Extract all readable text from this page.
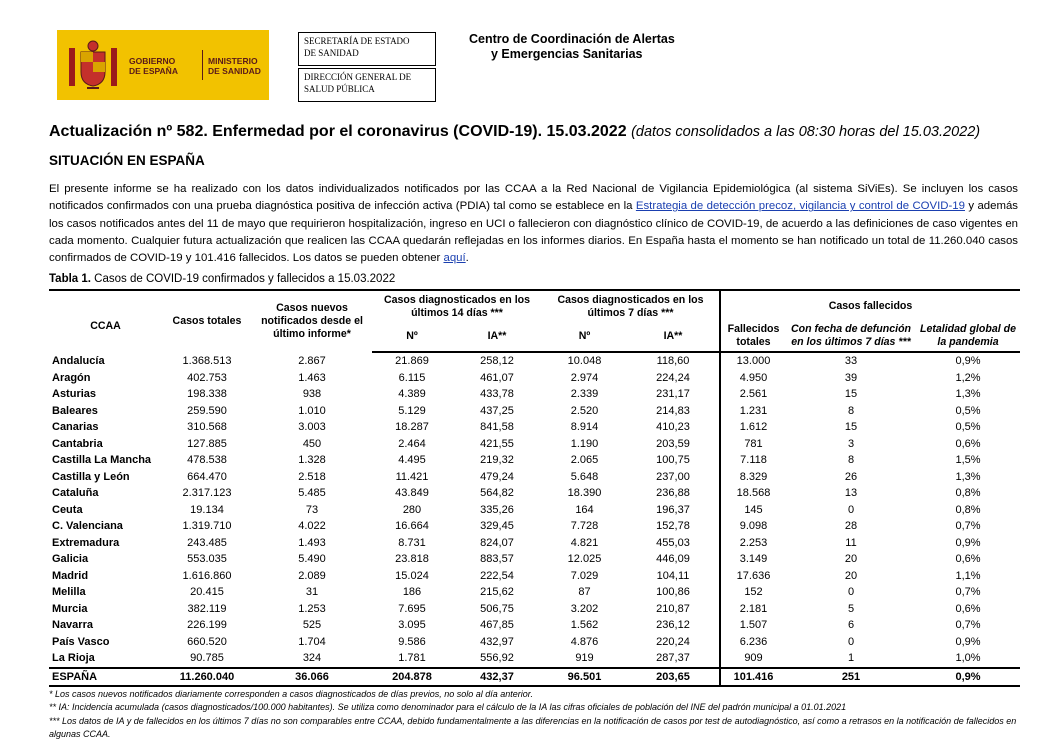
GOBIERNO
DE ESPAÑA
MINISTERIO
DE SANIDAD
SECRETARÍA DE ESTADO
DE SANIDAD
DIRECCIÓN GENERAL DE
SALUD PÚBLICA
Centro de Coordinación de Alertas
y Emergencias Sanitarias
Actualización nº 582. Enfermedad por el coronavirus (COVID-19). 15.03.2022 (datos consolidados a las 08:30 horas del 15.03.2022)
SITUACIÓN EN ESPAÑA
El presente informe se ha realizado con los datos individualizados notificados por las CCAA a la Red Nacional de Vigilancia Epidemiológica (al sistema SiViEs). Se incluyen los casos notificados confirmados con una prueba diagnóstica positiva de infección activa (PDIA) tal como se establece en la Estrategia de detección precoz, vigilancia y control de COVID-19 y además los casos notificados antes del 11 de mayo que requirieron hospitalización, ingreso en UCI o fallecieron con diagnóstico clínico de COVID-19, de acuerdo a las definiciones de caso vigentes en cada momento. Cualquier futura actualización que realicen las CCAA quedarán reflejadas en los informes diarios. En España hasta el momento se han notificado un total de 11.260.040 casos confirmados de COVID-19 y 101.416 fallecidos. Los datos se pueden obtener aquí.
Tabla 1. Casos de COVID-19 confirmados y fallecidos a 15.03.2022
CCAA	Casos totales	Casos nuevos notificados desde el último informe*	Casos diagnosticados en los últimos 14 días ***		Casos diagnosticados en los últimos 7 días ***		Casos fallecidos		
			Nº	IA**	Nº	IA**	Fallecidos totales	Con fecha de defunción en los últimos 7 días ***	Letalidad global de la pandemia
Andalucía	1.368.513	2.867	21.869	258,12	10.048	118,60	13.000	33	0,9%
Aragón	402.753	1.463	6.115	461,07	2.974	224,24	4.950	39	1,2%
Asturias	198.338	938	4.389	433,78	2.339	231,17	2.561	15	1,3%
Baleares	259.590	1.010	5.129	437,25	2.520	214,83	1.231	8	0,5%
Canarias	310.568	3.003	18.287	841,58	8.914	410,23	1.612	15	0,5%
Cantabria	127.885	450	2.464	421,55	1.190	203,59	781	3	0,6%
Castilla La Mancha	478.538	1.328	4.495	219,32	2.065	100,75	7.118	8	1,5%
Castilla y León	664.470	2.518	11.421	479,24	5.648	237,00	8.329	26	1,3%
Cataluña	2.317.123	5.485	43.849	564,82	18.390	236,88	18.568	13	0,8%
Ceuta	19.134	73	280	335,26	164	196,37	145	0	0,8%
C. Valenciana	1.319.710	4.022	16.664	329,45	7.728	152,78	9.098	28	0,7%
Extremadura	243.485	1.493	8.731	824,07	4.821	455,03	2.253	11	0,9%
Galicia	553.035	5.490	23.818	883,57	12.025	446,09	3.149	20	0,6%
Madrid	1.616.860	2.089	15.024	222,54	7.029	104,11	17.636	20	1,1%
Melilla	20.415	31	186	215,62	87	100,86	152	0	0,7%
Murcia	382.119	1.253	7.695	506,75	3.202	210,87	2.181	5	0,6%
Navarra	226.199	525	3.095	467,85	1.562	236,12	1.507	6	0,7%
País Vasco	660.520	1.704	9.586	432,97	4.876	220,24	6.236	0	0,9%
La Rioja	90.785	324	1.781	556,92	919	287,37	909	1	1,0%
ESPAÑA	11.260.040	36.066	204.878	432,37	96.501	203,65	101.416	251	0,9%
* Los casos nuevos notificados diariamente corresponden a casos diagnosticados de días previos, no solo al día anterior.
** IA: Incidencia acumulada (casos diagnosticados/100.000 habitantes). Se utiliza como denominador para el cálculo de la IA las cifras oficiales de población del INE del padrón municipal a 01.01.2021
*** Los datos de IA y de fallecidos en los últimos 7 días no son comparables entre CCAA, debido fundamentalmente a las diferencias en la notificación de casos por test de autodiagnóstico, así como a retrasos en la notificación de fallecidos en algunas CCAA.
